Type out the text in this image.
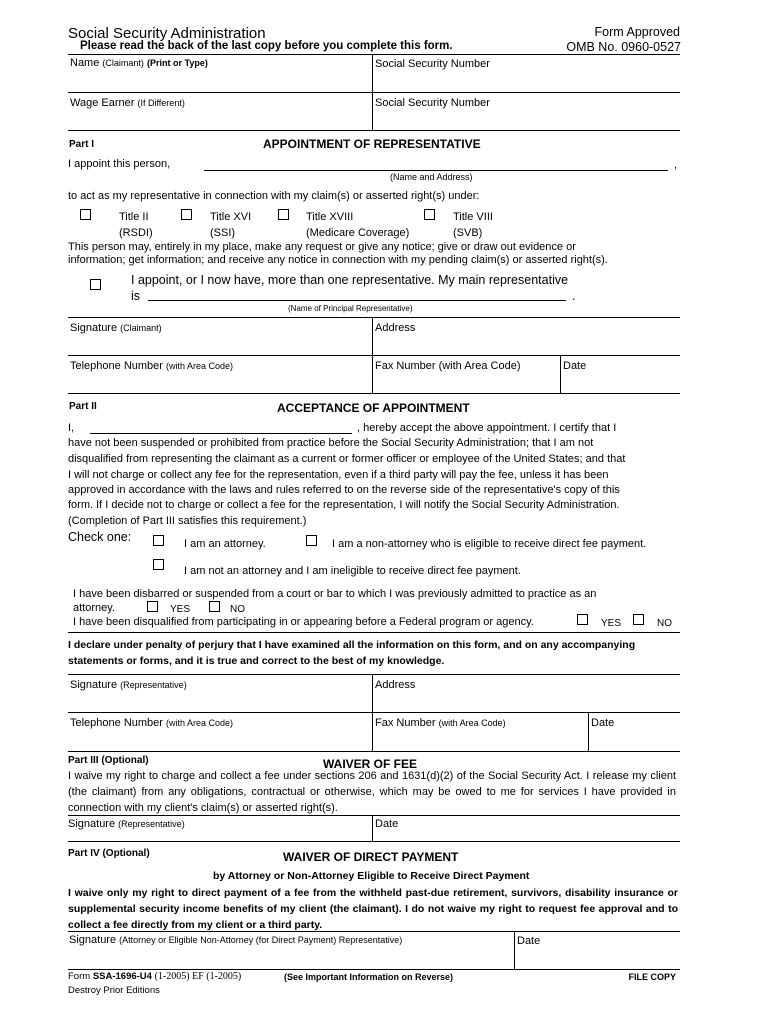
Social Security Administration
Please read the back of the last copy before you complete this form.
Form Approved
OMB No. 0960-0527
Name (Claimant) (Print or Type)	Social Security Number
Wage Earner (If Different)	Social Security Number
Part I	APPOINTMENT OF REPRESENTATIVE
I appoint this person,	,
(Name and Address)
to act as my representative in connection with my claim(s) or asserted right(s) under:
Title II
(RSDI)
Title XVI
(SSI)
Title XVIII
(Medicare Coverage)
Title VIII
(SVB)
This person may, entirely in my place, make any request or give any notice; give or draw out evidence or
information; get information; and receive any notice in connection with my pending claim(s) or asserted right(s).
I appoint, or I now have, more than one representative. My main representative
is	.
(Name of Principal Representative)
Signature (Claimant)	Address
Telephone Number (with Area Code)	Fax Number (with Area Code)	Date
Part II	ACCEPTANCE OF APPOINTMENT
I,	, hereby accept the above appointment. I certify that I
have not been suspended or prohibited from practice before the Social Security Administration; that I am not
disqualified from representing the claimant as a current or former officer or employee of the United States; and that
I will not charge or collect any fee for the representation, even if a third party will pay the fee, unless it has been
approved in accordance with the laws and rules referred to on the reverse side of the representative's copy of this
form. If I decide not to charge or collect a fee for the representation, I will notify the Social Security Administration.
(Completion of Part III satisfies this requirement.)
Check one:	I am an attorney.	I am a non-attorney who is eligible to receive direct fee payment.
I am not an attorney and I am ineligible to receive direct fee payment.
I have been disbarred or suspended from a court or bar to which I was previously admitted to practice as an
attorney.	YES	NO
I have been disqualified from participating in or appearing before a Federal program or agency.	YES	NO
I declare under penalty of perjury that I have examined all the information on this form, and on any accompanying
statements or forms, and it is true and correct to the best of my knowledge.
Signature (Representative)	Address
Telephone Number (with Area Code)	Fax Number (with Area Code)	Date
Part III (Optional)	WAIVER OF FEE
I waive my right to charge and collect a fee under sections 206 and 1631(d)(2) of the Social Security Act. I release my client (the claimant) from any obligations, contractual or otherwise, which may be owed to me for services I have provided in connection with my client's claim(s) or asserted right(s).
Signature (Representative)	Date
Part IV (Optional)	WAIVER OF DIRECT PAYMENT
by Attorney or Non-Attorney Eligible to Receive Direct Payment
I waive only my right to direct payment of a fee from the withheld past-due retirement, survivors, disability insurance or supplemental security income benefits of my client (the claimant). I do not waive my right to request fee approval and to collect a fee directly from my client or a third party.
Signature (Attorney or Eligible Non-Attorney (for Direct Payment) Representative)	Date
Form SSA-1696-U4 (1-2005) EF (1-2005)	(See Important Information on Reverse)	FILE COPY
Destroy Prior Editions
